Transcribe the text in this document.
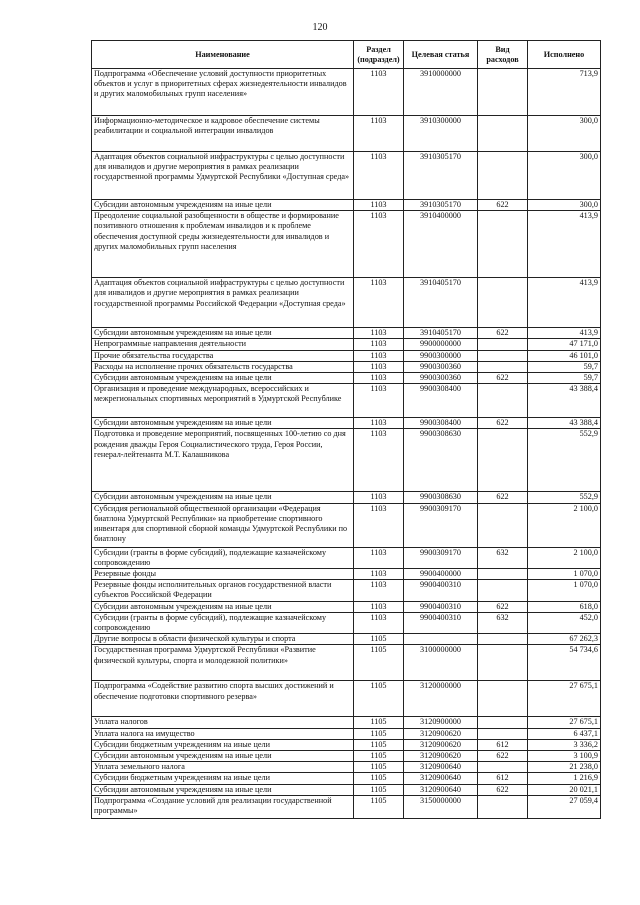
120
Наименование	Раздел (подраздел)	Целевая статья	Вид расходов	Исполнено
Подпрограмма «Обеспечение условий доступности приоритетных объектов и услуг в приоритетных сферах жизнедеятельности инвалидов и других маломобильных групп населения»	1103	3910000000		713,9
Информационно-методическое и кадровое обеспечение системы реабилитации и социальной интеграции инвалидов	1103	3910300000		300,0
Адаптация объектов социальной инфраструктуры с целью доступности для инвалидов и другие мероприятия в рамках реализации государственной программы Удмуртской Республики «Доступная среда»	1103	3910305170		300,0
Субсидии автономным учреждениям на иные цели	1103	3910305170	622	300,0
Преодоление социальной разобщенности в обществе и формирование позитивного отношения к проблемам инвалидов и к проблеме обеспечения доступной среды жизнедеятельности для инвалидов и других маломобильных групп населения	1103	3910400000		413,9
Адаптация объектов социальной инфраструктуры с целью доступности для инвалидов и другие мероприятия в рамках реализации государственной программы Российской Федерации «Доступная среда»	1103	3910405170		413,9
Субсидии автономным учреждениям на иные цели	1103	3910405170	622	413,9
Непрограммные направления деятельности	1103	9900000000		47 171,0
Прочие обязательства государства	1103	9900300000		46 101,0
Расходы на исполнение прочих обязательств государства	1103	9900300360		59,7
Субсидии автономным учреждениям на иные цели	1103	9900300360	622	59,7
Организация и проведение международных, всероссийских и межрегиональных спортивных мероприятий в Удмуртской Республике	1103	9900308400		43 388,4
Субсидии автономным учреждениям на иные цели	1103	9900308400	622	43 388,4
Подготовка и проведение мероприятий, посвященных 100-летию со дня рождения дважды Героя Социалистического труда, Героя России, генерал-лейтенанта М.Т. Калашникова	1103	9900308630		552,9
Субсидии автономным учреждениям на иные цели	1103	9900308630	622	552,9
Субсидия региональной общественной организации «Федерация биатлона Удмуртской Республики» на приобретение спортивного инвентаря для спортивной сборной команды Удмуртской Республики по биатлону	1103	9900309170		2 100,0
Субсидии (гранты в форме субсидий), подлежащие казначейскому сопровождению	1103	9900309170	632	2 100,0
Резервные фонды	1103	9900400000		1 070,0
Резервные фонды исполнительных органов государственной власти субъектов Российской Федерации	1103	9900400310		1 070,0
Субсидии автономным учреждениям на иные цели	1103	9900400310	622	618,0
Субсидии (гранты в форме субсидий), подлежащие казначейскому сопровождению	1103	9900400310	632	452,0
Другие вопросы в области физической культуры и спорта	1105			67 262,3
Государственная программа Удмуртской Республики «Развитие физической культуры, спорта и молодежной политики»	1105	3100000000		54 734,6
Подпрограмма «Содействие развитию спорта высших достижений и обеспечение подготовки спортивного резерва»	1105	3120000000		27 675,1
Уплата налогов	1105	3120900000		27 675,1
Уплата налога на имущество	1105	3120900620		6 437,1
Субсидии бюджетным учреждениям на иные цели	1105	3120900620	612	3 336,2
Субсидии автономным учреждениям на иные цели	1105	3120900620	622	3 100,9
Уплата земельного налога	1105	3120900640		21 238,0
Субсидии бюджетным учреждениям на иные цели	1105	3120900640	612	1 216,9
Субсидии автономным учреждениям на иные цели	1105	3120900640	622	20 021,1
Подпрограмма «Создание условий для реализации государственной программы»	1105	3150000000		27 059,4
